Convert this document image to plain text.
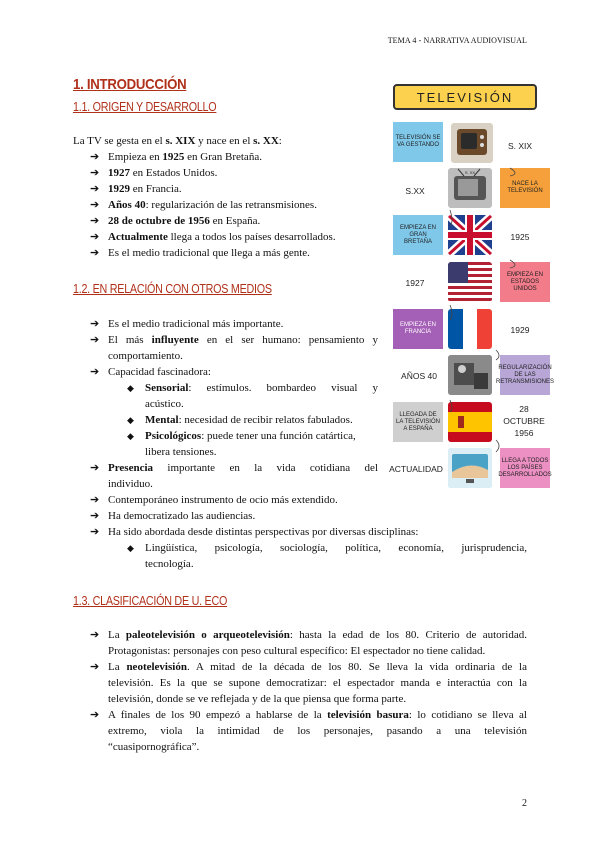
TEMA 4 - NARRATIVA AUDIOVISUAL
1. INTRODUCCIÓN
1.1. ORIGEN Y DESARROLLO
La TV se gesta en el s. XIX y nace en el s. XX:
➔ Empieza en 1925 en Gran Bretaña.
➔ 1927 en Estados Unidos.
➔ 1929 en Francia.
➔ Años 40: regularización de las retransmisiones.
➔ 28 de octubre de 1956 en España.
➔ Actualmente llega a todos los países desarrollados.
➔ Es el medio tradicional que llega a más gente.
1.2. EN RELACIÓN CON OTROS MEDIOS
➔ Es el medio tradicional más importante.
➔ El más influyente en el ser humano: pensamiento y
comportamiento.
➔ Capacidad fascinadora:
◆ Sensorial: estímulos. bombardeo visual y
acústico.
◆ Mental: necesidad de recibir relatos fabulados.
◆ Psicológicos: puede tener una función catártica,
libera tensiones.
➔ Presencia importante en la vida cotidiana del
individuo.
➔ Contemporáneo instrumento de ocio más extendido.
➔ Ha democratizado las audiencias.
➔ Ha sido abordada desde distintas perspectivas por diversas disciplinas:
◆ Lingüística, psicología, sociología, política, economía, jurisprudencia,
tecnología.
1.3. CLASIFICACIÓN DE U. ECO
➔ La paleotelevisión o arqueotelevisión: hasta la edad de los 80. Criterio de autoridad.
Protagonistas: personajes con peso cultural específico: El espectador no tiene calidad.
➔ La neotelevisión. A mitad de la década de los 80. Se lleva la vida ordinaria de la
televisión. Es la que se supone democratizar: el espectador manda e interactúa con la
televisión, donde se ve reflejada y de la que piensa que forma parte.
➔ A finales de los 90 empezó a hablarse de la televisión basura: lo cotidiano se lleva al
extremo, viola la intimidad de los personajes, pasando a una televisión
“cuasipornográfica”.
TELEVISIÓN
TELEVISIÓN SE VA GESTANDO	S. XIX
S.XX
S. XX
NACE LA TELEVISIÓN
EMPIEZA EN GRAN BRETAÑA	1925
1927
EMPIEZA EN ESTADOS UNIDOS
EMPIEZA EN FRANCIA	1929
AÑOS 40
REGULARIZACIÓN DE LAS RETRANSMISIONES
LLEGADA DE LA TELEVISIÓN A ESPAÑA
28
OCTUBRE
1956
ACTUALIDAD
LLEGA A TODOS LOS PAÍSES DESARROLLADOS
2
